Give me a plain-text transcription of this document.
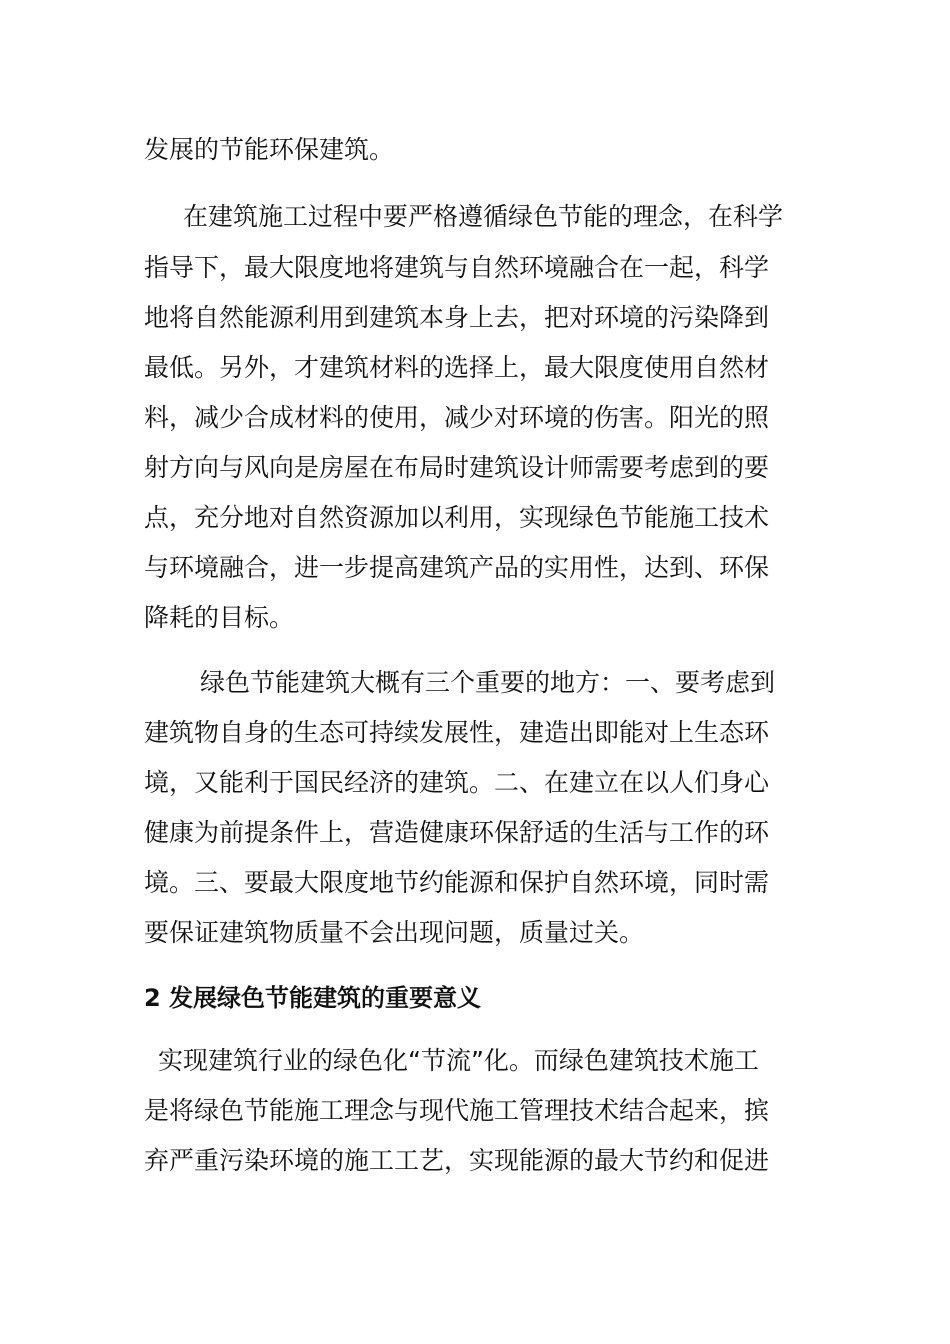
发展的节能环保建筑。
在建筑施工过程中要严格遵循绿色节能的理念，在科学
指导下，最大限度地将建筑与自然环境融合在一起，科学
地将自然能源利用到建筑本身上去，把对环境的污染降到
最低。另外，才建筑材料的选择上，最大限度使用自然材
料，减少合成材料的使用，减少对环境的伤害。阳光的照
射方向与风向是房屋在布局时建筑设计师需要考虑到的要
点，充分地对自然资源加以利用，实现绿色节能施工技术
与环境融合，进一步提高建筑产品的实用性，达到、环保
降耗的目标。
绿色节能建筑大概有三个重要的地方：一、要考虑到
建筑物自身的生态可持续发展性，建造出即能对上生态环
境，又能利于国民经济的建筑。二、在建立在以人们身心
健康为前提条件上，营造健康环保舒适的生活与工作的环
境。三、要最大限度地节约能源和保护自然环境，同时需
要保证建筑物质量不会出现问题，质量过关。
2 发展绿色节能建筑的重要意义
实现建筑行业的绿色化“节流”化。而绿色建筑技术施工
是将绿色节能施工理念与现代施工管理技术结合起来，摈
弃严重污染环境的施工工艺，实现能源的最大节约和促进
